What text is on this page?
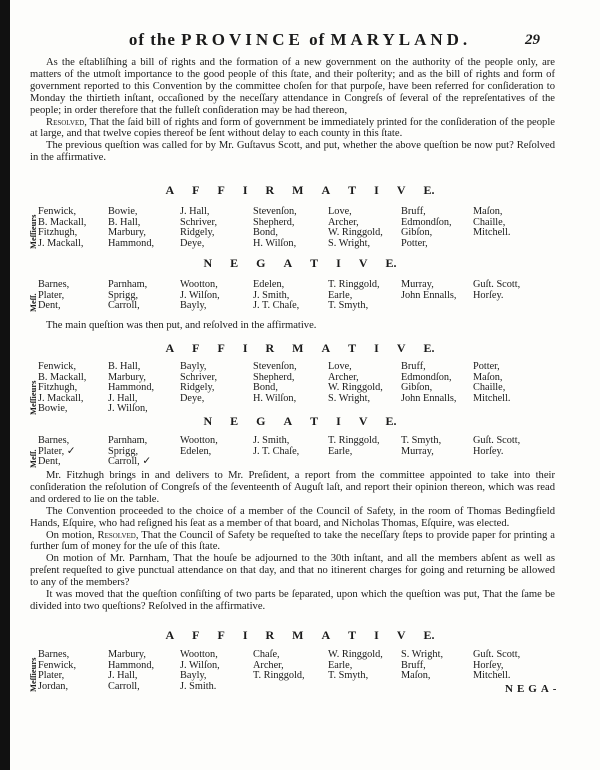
of the PROVINCE of MARYLAND.	29

As the eſtabliſhing a bill of rights and the formation of a new government on the authority of the people only, are matters of the utmoſt importance to the good people of this ſtate, and their poſterity; and as the bill of rights and form of government reported to this Convention by the committee choſen for that purpoſe, have been referred for conſideration to Monday the thirtieth inſtant, occaſioned by the neceſſary attendance in Congreſs of ſeveral of the repreſentatives of the people; in order therefore that the fulleſt conſideration may be had thereon,

Resolved, That the ſaid bill of rights and form of government be immediately printed for the conſideration of the people at large, and that twelve copies thereof be ſent without delay to each county in this ſtate.

The previous queſtion was called for by Mr. Guſtavus Scott, and put, whether the above queſtion be now put? Reſolved in the affirmative.

A F F I R M A T I V E.
Meſſieurs
Fenwick,
B. Mackall,
Fitzhugh,
J. Mackall,
Bowie,
B. Hall,
Marbury,
Hammond,
J. Hall,
Schriver,
Ridgely,
Deye,
Stevenſon,
Shepherd,
Bond,
H. Wilſon,
Love,
Archer,
W. Ringgold,
S. Wright,
Bruff,
Edmondſon,
Gibſon,
Potter,
Maſon,
Chaille,
Mitchell.
N E G A T I V E.
Meſſ.
Barnes,
Plater,
Dent,
Parnham,
Sprigg,
Carroll,
Wootton,
J. Wilſon,
Bayly,
Edelen,
J. Smith,
J. T. Chaſe,
T. Ringgold,
Earle,
T. Smyth,
Murray,
John Ennalls,
Guſt. Scott,
Horſey.

The main queſtion was then put, and reſolved in the affirmative.

A F F I R M A T I V E.
Meſſieurs
Fenwick,
B. Mackall,
Fitzhugh,
J. Mackall,
Bowie,
B. Hall,
Marbury,
Hammond,
J. Hall,
J. Wilſon,
Bayly,
Schriver,
Ridgely,
Deye,
Stevenſon,
Shepherd,
Bond,
H. Wilſon,
Love,
Archer,
W. Ringgold,
S. Wright,
Bruff,
Edmondſon,
Gibſon,
John Ennalls,
Potter,
Maſon,
Chaille,
Mitchell.
N E G A T I V E.
Meſſ.
Barnes,
Plater, ✓
Dent,
Parnham,
Sprigg,
Carroll, ✓
Wootton,
Edelen,
J. Smith,
J. T. Chaſe,
T. Ringgold,
Earle,
T. Smyth,
Murray,
Guſt. Scott,
Horſey.

Mr. Fitzhugh brings in and delivers to Mr. Preſident, a report from the committee appointed to take into their conſideration the reſolution of Congreſs of the ſeventeenth of Auguſt laſt, and report their opinion thereon, which was read and ordered to lie on the table.

The Convention proceeded to the choice of a member of the Council of Safety, in the room of Thomas Bedingfield Hands, Eſquire, who had reſigned his ſeat as a member of that board, and Nicholas Thomas, Eſquire, was elected.

On motion, Resolved, That the Council of Safety be requeſted to take the neceſſary ſteps to provide paper for printing a further ſum of money for the uſe of this ſtate.

On motion of Mr. Parnham, That the houſe be adjourned to the 30th inſtant, and all the members abſent as well as preſent requeſted to give punctual attendance on that day, and that no itinerent charges for going and returning be allowed to any of the members?

It was moved that the queſtion conſiſting of two parts be ſeparated, upon which the queſtion was put, That the ſame be divided into two queſtions? Reſolved in the affirmative.

A F F I R M A T I V E.
Meſſieurs
Barnes,
Fenwick,
Plater,
Jordan,
Marbury,
Hammond,
J. Hall,
Carroll,
Wootton,
J. Wilſon,
Bayly,
J. Smith.
Chaſe,
Archer,
T. Ringgold,
W. Ringgold,
Earle,
T. Smyth,
S. Wright,
Bruff,
Maſon,
Guſt. Scott,
Horſey,
Mitchell.
NEGA-
